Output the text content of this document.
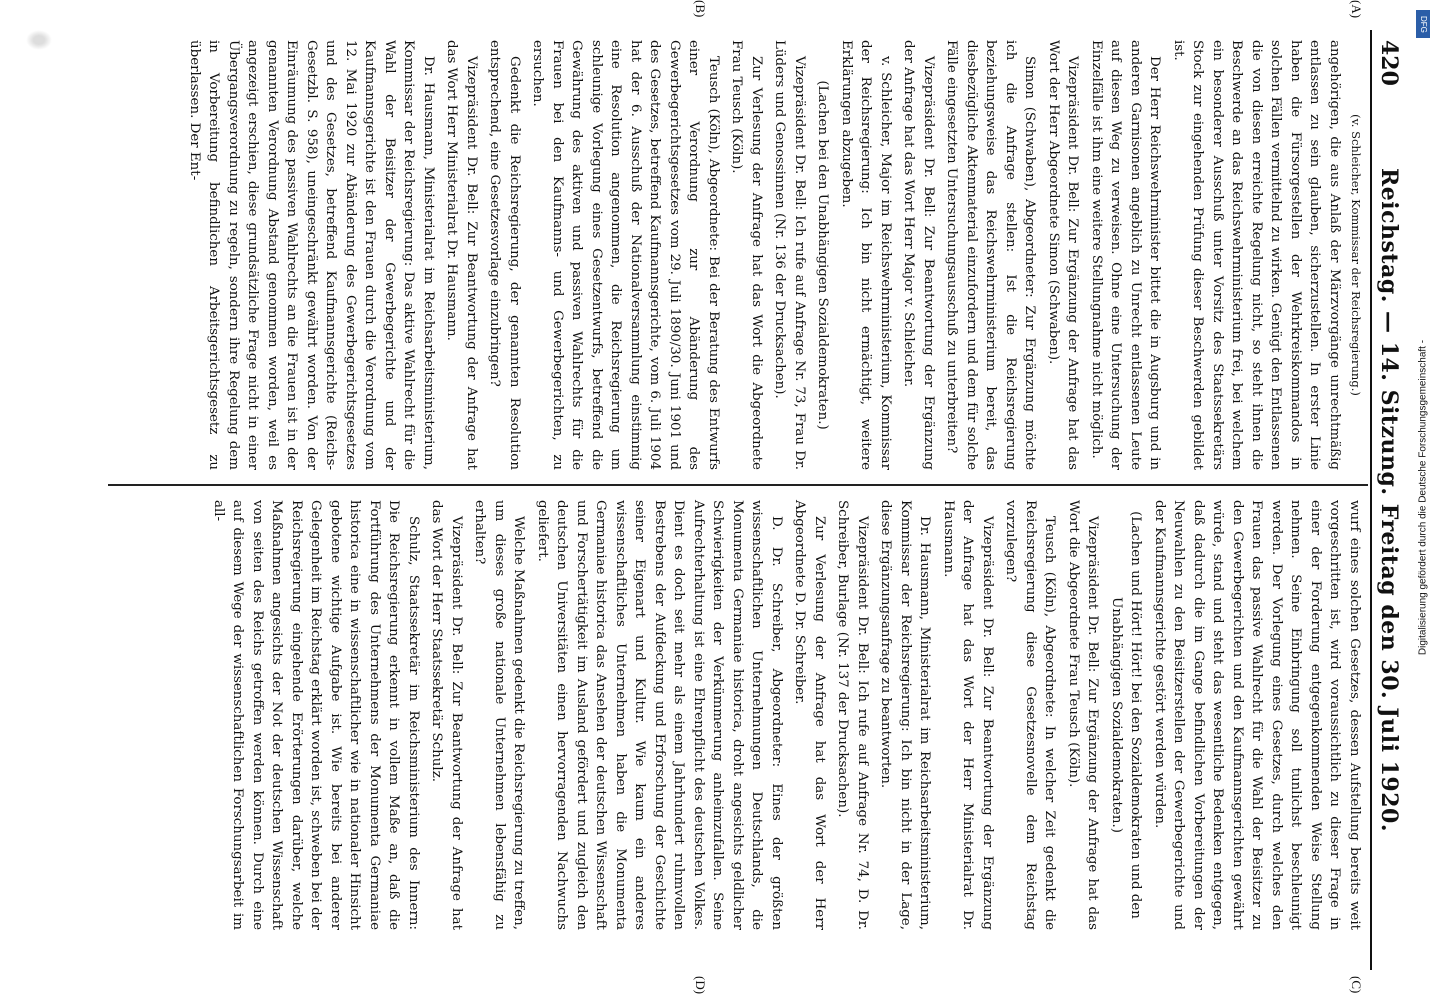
420
Reichstag. — 14. Sitzung. Freitag den 30. Juli 1920.
(A)
(B)
(C)
(D)

(v. Schleicher, Kommissar der Reichsregierung.)

angehörigen, die aus Anlaß der Märzvorgänge unrechtmäßig entlassen zu sein glauben, sicherzustellen. In erster Linie haben die Fürsorgestellen der Wehrkreiskommandos in solchen Fällen vermittelnd zu wirken. Genügt den Entlassenen die von diesen erreichte Regelung nicht, so steht ihnen die Beschwerde an das Reichswehrministerium frei, bei welchem ein besonderer Ausschuß unter Vorsitz des Staatssekretärs Stock zur eingehenden Prüfung dieser Beschwerden gebildet ist.

Der Herr Reichswehrminister bittet die in Augsburg und in anderen Garnisonen angeblich zu Unrecht entlassenen Leute auf diesen Weg zu verweisen. Ohne eine Untersuchung der Einzelfälle ist ihm eine weitere Stellungnahme nicht möglich.

Vizepräsident Dr. Bell: Zur Ergänzung der Anfrage hat das Wort der Herr Abgeordnete Simon (Schwaben).

Simon (Schwaben), Abgeordneter: Zur Ergänzung möchte ich die Anfrage stellen: Ist die Reichsregierung beziehungsweise das Reichswehrministerium bereit, das diesbezügliche Aktenmaterial einzufordern und dem für solche Fälle eingesetzten Untersuchungsausschuß zu unterbreiten?

Vizepräsident Dr. Bell: Zur Beantwortung der Ergänzung der Anfrage hat das Wort Herr Major v. Schleicher.

v. Schleicher, Major im Reichswehrministerium, Kommissar der Reichsregierung: Ich bin nicht ermächtigt, weitere Erklärungen abzugeben.

(Lachen bei den Unabhängigen Sozialdemokraten.)

Vizepräsident Dr. Bell: Ich rufe auf Anfrage Nr. 73, Frau Dr. Lüders und Genossinnen (Nr. 136 der Drucksachen).

Zur Verlesung der Anfrage hat das Wort die Abgeordnete Frau Teusch (Köln).

Teusch (Köln), Abgeordnete: Bei der Beratung des Entwurfs einer Verordnung zur Abänderung des Gewerbegerichtsgesetzes vom 29. Juli 1890/30. Juni 1901 und des Gesetzes, betreffend Kaufmannsgerichte, vom 6. Juli 1904 hat der 6. Ausschuß der Nationalversammlung einstimmig eine Resolution angenommen, die Reichsregierung um schleunige Vorlegung eines Gesetzentwurfs, betreffend die Gewährung des aktiven und passiven Wahlrechts für die Frauen bei den Kaufmanns- und Gewerbegerichten, zu ersuchen.

Gedenkt die Reichsregierung, der genannten Resolution entsprechend, eine Gesetzesvorlage einzubringen?

Vizepräsident Dr. Bell: Zur Beantwortung der Anfrage hat das Wort Herr Ministerialrat Dr. Hausmann.

Dr. Hausmann, Ministerialrat im Reichsarbeitsministerium, Kommissar der Reichsregierung: Das aktive Wahlrecht für die Wahl der Beisitzer der Gewerbegerichte und der Kaufmannsgerichte ist den Frauen durch die Verordnung vom 12. Mai 1920 zur Abänderung des Gewerbegerichtsgesetzes und des Gesetzes, betreffend Kaufmannsgerichte (Reichs-Gesetzbl. S. 958), uneingeschränkt gewährt worden. Von der Einräumung des passiven Wahlrechts an die Frauen ist in der genannten Verordnung Abstand genommen worden, weil es angezeigt erschien, diese grundsätzliche Frage nicht in einer Übergangsverordnung zu regeln, sondern ihre Regelung dem in Vorbereitung befindlichen Arbeitsgerichtsgesetz zu überlassen. Der Ent-

wurf eines solchen Gesetzes, dessen Aufstellung bereits weit vorgeschritten ist, wird voraussichtlich zu dieser Frage in einer der Forderung entgegenkommenden Weise Stellung nehmen. Seine Einbringung soll tunlichst beschleunigt werden. Der Vorlegung eines Gesetzes, durch welches den Frauen das passive Wahlrecht für die Wahl der Beisitzer zu den Gewerbegerichten und den Kaufmannsgerichten gewährt würde, stand und steht das wesentliche Bedenken entgegen, daß dadurch die im Gange befindlichen Vorbereitungen der Neuwahlen zu den Beisitzerstellen der Gewerbegerichte und der Kaufmannsgerichte gestört werden würden.

(Lachen und Hört! Hört! bei den Sozialdemokraten und den Unabhängigen Sozialdemokraten.)

Vizepräsident Dr. Bell: Zur Ergänzung der Anfrage hat das Wort die Abgeordnete Frau Teusch (Köln).

Teusch (Köln), Abgeordnete: In welcher Zeit gedenkt die Reichsregierung diese Gesetzesnovelle dem Reichstag vorzulegen?

Vizepräsident Dr. Bell: Zur Beantwortung der Ergänzung der Anfrage hat das Wort der Herr Ministerialrat Dr. Hausmann.

Dr. Hausmann, Ministerialrat im Reichsarbeitsministerium, Kommissar der Reichsregierung: Ich bin nicht in der Lage, diese Ergänzungsanfrage zu beantworten.

Vizepräsident Dr. Bell: Ich rufe auf Anfrage Nr. 74, D. Dr. Schreiber, Burlage (Nr. 137 der Drucksachen).

Zur Verlesung der Anfrage hat das Wort der Herr Abgeordnete D. Dr. Schreiber.

D. Dr. Schreiber, Abgeordneter: Eines der größten wissenschaftlichen Unternehmungen Deutschlands, die Monumenta Germaniae historica, droht angesichts geldlicher Schwierigkeiten der Verkümmerung anheimzufallen. Seine Aufrechterhaltung ist eine Ehrenpflicht des deutschen Volkes. Dient es doch seit mehr als einem Jahrhundert ruhmvollen Bestrebens der Aufdeckung und Erforschung der Geschichte seiner Eigenart und Kultur. Wie kaum ein anderes wissenschaftliches Unternehmen haben die Monumenta Germaniae historica das Ansehen der deutschen Wissenschaft und Forschertätigkeit im Ausland gefördert und zugleich den deutschen Universitäten einen hervorragenden Nachwuchs geliefert.

Welche Maßnahmen gedenkt die Reichsregierung zu treffen, um dieses große nationale Unternehmen lebensfähig zu erhalten?

Vizepräsident Dr. Bell: Zur Beantwortung der Anfrage hat das Wort der Herr Staatssekretär Schulz.

Schulz, Staatssekretär im Reichsministerium des Innern: Die Reichsregierung erkennt in vollem Maße an, daß die Fortführung des Unternehmens der Monumenta Germaniae historica eine in wissenschaftlicher wie in nationaler Hinsicht gebotene wichtige Aufgabe ist. Wie bereits bei anderer Gelegenheit im Reichstag erklärt worden ist, schweben bei der Reichsregierung eingehende Erörterungen darüber, welche Maßnahmen angesichts der Not der deutschen Wissenschaft von seiten des Reichs getroffen werden können. Durch eine auf diesem Wege der wissenschaftlichen Forschungsarbeit im all-

DFG
Digitalisierung gefördert durch die Deutsche Forschungsgemeinschaft -
